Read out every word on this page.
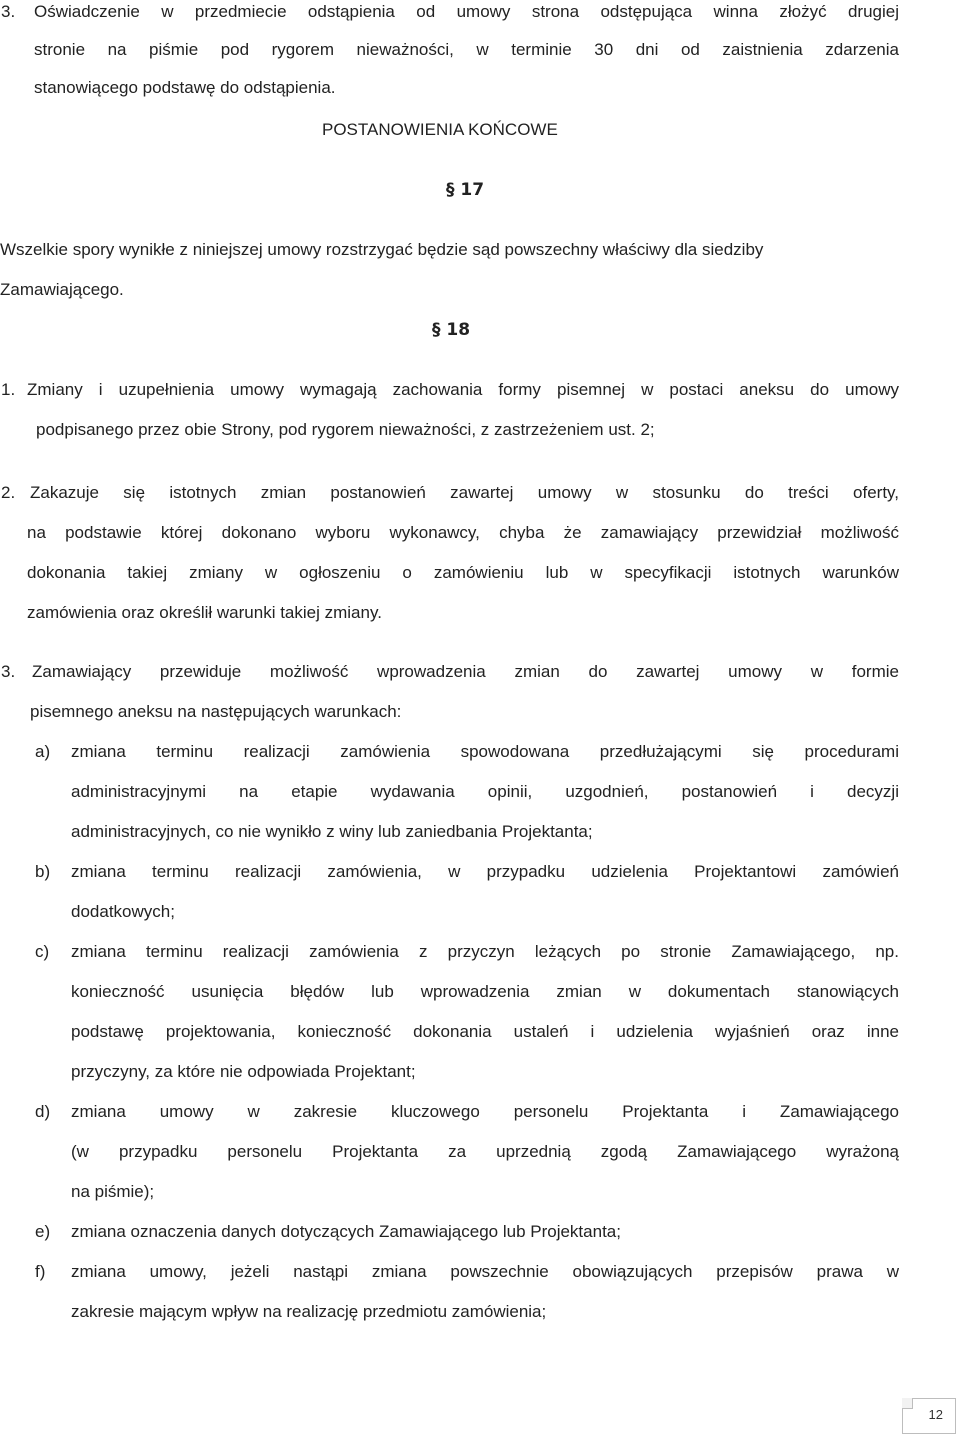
3. Oświadczenie w przedmiecie odstąpienia od umowy strona odstępująca winna złożyć drugiej
stronie na piśmie pod rygorem nieważności, w terminie 30 dni od zaistnienia zdarzenia
stanowiącego podstawę do odstąpienia.
POSTANOWIENIA KOŃCOWE
§ 17
Wszelkie spory wynikłe z niniejszej umowy rozstrzygać będzie sąd powszechny właściwy dla siedziby
Zamawiającego.
§ 18
1. Zmiany i uzupełnienia umowy wymagają zachowania formy pisemnej w postaci aneksu do umowy
podpisanego przez obie Strony, pod rygorem nieważności, z zastrzeżeniem ust. 2;
2. Zakazuje się istotnych zmian postanowień zawartej umowy w stosunku do treści oferty,
na podstawie której dokonano wyboru wykonawcy, chyba że zamawiający przewidział możliwość
dokonania takiej zmiany w ogłoszeniu o zamówieniu lub w specyfikacji istotnych warunków
zamówienia oraz określił warunki takiej zmiany.
3. Zamawiający przewiduje możliwość wprowadzenia zmian do zawartej umowy w formie
pisemnego aneksu na następujących warunkach:
a) zmiana terminu realizacji zamówienia spowodowana przedłużającymi się procedurami
administracyjnymi na etapie wydawania opinii, uzgodnień, postanowień i decyzji
administracyjnych, co nie wynikło z winy lub zaniedbania Projektanta;
b) zmiana terminu realizacji zamówienia, w przypadku udzielenia Projektantowi zamówień
dodatkowych;
c) zmiana terminu realizacji zamówienia z przyczyn leżących po stronie Zamawiającego, np.
konieczność usunięcia błędów lub wprowadzenia zmian w dokumentach stanowiących
podstawę projektowania, konieczność dokonania ustaleń i udzielenia wyjaśnień oraz inne
przyczyny, za które nie odpowiada Projektant;
d) zmiana umowy w zakresie kluczowego personelu Projektanta i Zamawiającego
(w przypadku personelu Projektanta za uprzednią zgodą Zamawiającego wyrażoną
na piśmie);
e) zmiana oznaczenia danych dotyczących Zamawiającego lub Projektanta;
f) zmiana umowy, jeżeli nastąpi zmiana powszechnie obowiązujących przepisów prawa w
zakresie mającym wpływ na realizację przedmiotu zamówienia;
12
